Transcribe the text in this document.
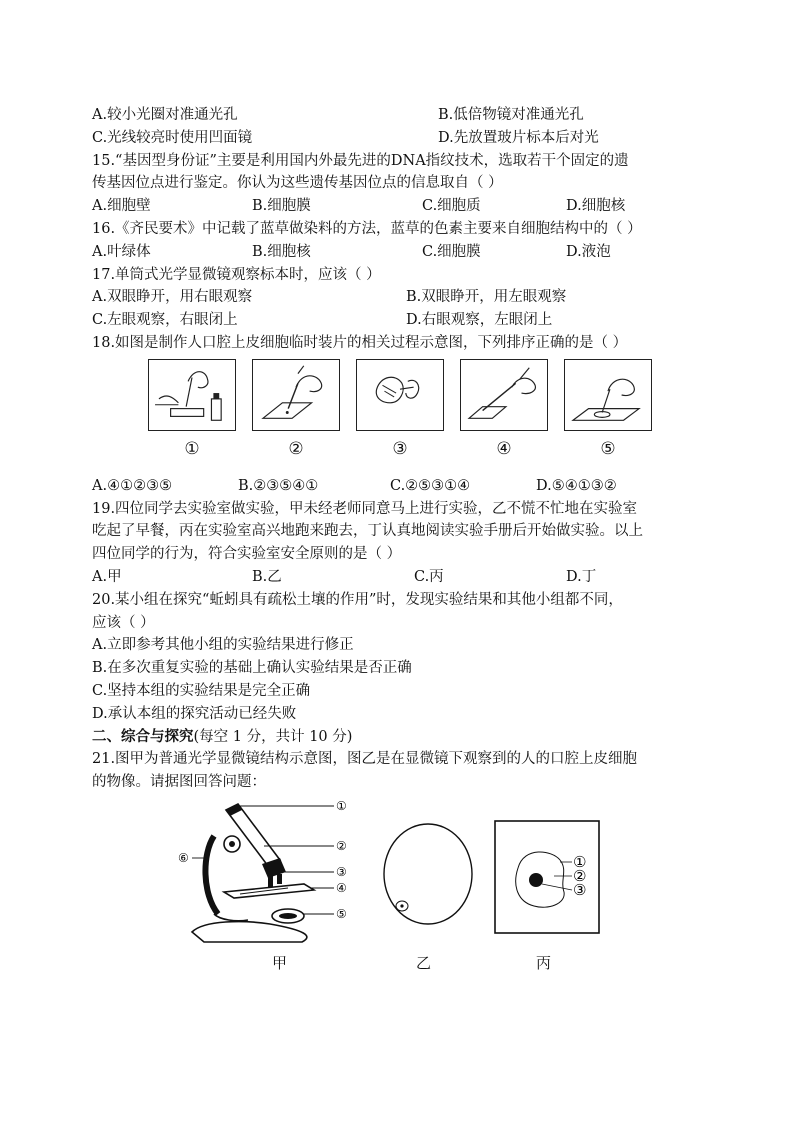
A.较小光圈对准通光孔	B.低倍物镜对准通光孔
C.光线较亮时使用凹面镜	D.先放置玻片标本后对光
15.“基因型身份证”主要是利用国内外最先进的DNA指纹技术，选取若干个固定的遗
传基因位点进行鉴定。你认为这些遗传基因位点的信息取自（ ）
A.细胞壁	B.细胞膜	C.细胞质	D.细胞核
16.《齐民要术》中记载了蓝草做染料的方法，蓝草的色素主要来自细胞结构中的（ ）
A.叶绿体	B.细胞核	C.细胞膜	D.液泡
17.单筒式光学显微镜观察标本时，应该（ ）
A.双眼睁开，用右眼观察	B.双眼睁开，用左眼观察
C.左眼观察，右眼闭上	D.右眼观察，左眼闭上
18.如图是制作人口腔上皮细胞临时装片的相关过程示意图，下列排序正确的是（ ）
①	②	③	④	⑤
A.④①②③⑤	B.②③⑤④①	C.②⑤③①④	D.⑤④①③②
19.四位同学去实验室做实验，甲未经老师同意马上进行实验，乙不慌不忙地在实验室
吃起了早餐，丙在实验室高兴地跑来跑去，丁认真地阅读实验手册后开始做实验。以上
四位同学的行为，符合实验室安全原则的是（ ）
A.甲	B.乙	C.丙	D.丁
20.某小组在探究“蚯蚓具有疏松土壤的作用”时，发现实验结果和其他小组都不同，
应该（ ）
A.立即参考其他小组的实验结果进行修正
B.在多次重复实验的基础上确认实验结果是否正确
C.坚持本组的实验结果是完全正确
D.承认本组的探究活动已经失败
二、综合与探究(每空 1 分，共计 10 分)
21.图甲为普通光学显微镜结构示意图，图乙是在显微镜下观察到的人的口腔上皮细胞
的物像。请据图回答问题：
①
②
③
④
⑤
⑥	①
②
③
甲	乙	丙
